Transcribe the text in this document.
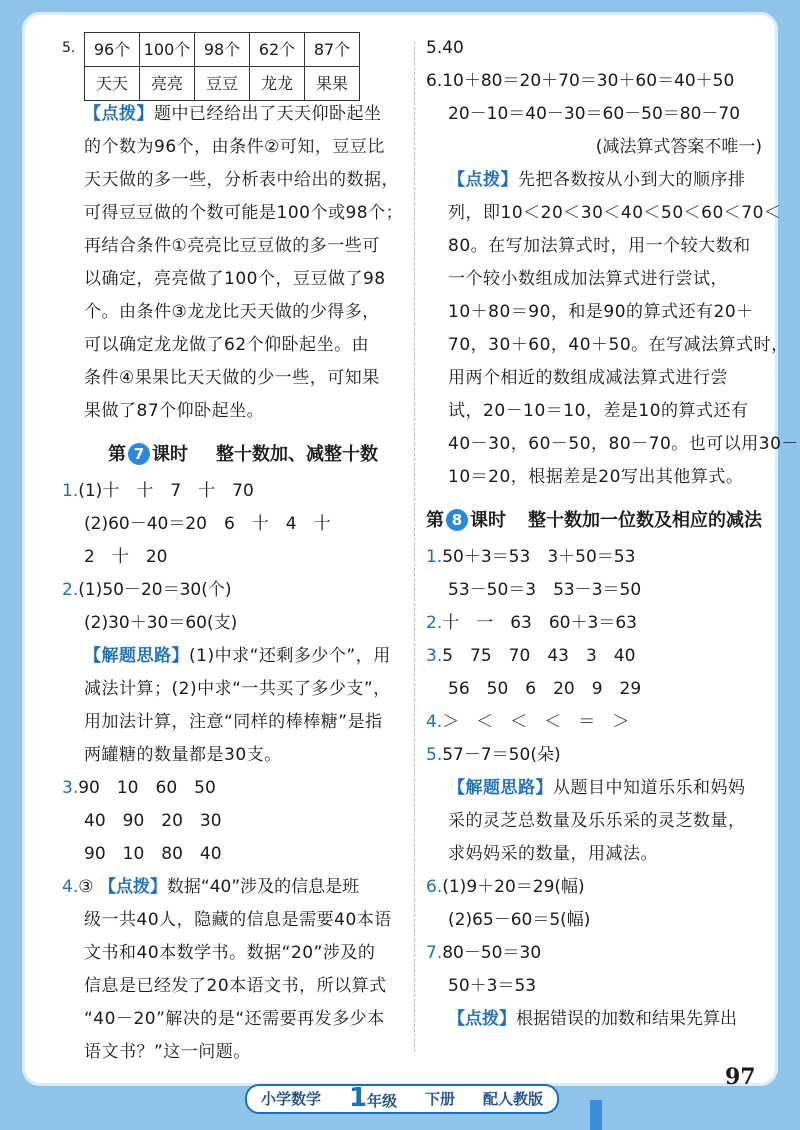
5. 96个	100个	98个	62个	87个
天天	亮亮	豆豆	龙龙	果果
【点拨】题中已经给出了天天仰卧起坐
的个数为96个，由条件②可知，豆豆比
天天做的多一些，分析表中给出的数据，
可得豆豆做的个数可能是100个或98个；
再结合条件①亮亮比豆豆做的多一些可
以确定，亮亮做了100个，豆豆做了98
个。由条件③龙龙比天天做的少得多，
可以确定龙龙做了62个仰卧起坐。由
条件④果果比天天做的少一些，可知果
果做了87个仰卧起坐。
第 7 课时 整十数加、减整十数
1.(1)十　十　7　十　70
(2)60－40＝20　6　十　4　十
2　十　20
2.(1)50－20＝30(个)
(2)30＋30＝60(支)
【解题思路】(1)中求“还剩多少个”，用
减法计算；(2)中求“一共买了多少支”，
用加法计算，注意“同样的棒棒糖”是指
两罐糖的数量都是30支。
3.90　10　60　50
40　90　20　30
90　10　80　40
4.③ 【点拨】数据“40”涉及的信息是班
级一共40人，隐藏的信息是需要40本语
文书和40本数学书。数据“20”涉及的
信息是已经发了20本语文书，所以算式
“40－20”解决的是“还需要再发多少本
语文书？”这一问题。
5.40
6.10＋80＝20＋70＝30＋60＝40＋50
20－10＝40－30＝60－50＝80－70
(减法算式答案不唯一)
【点拨】先把各数按从小到大的顺序排
列，即10＜20＜30＜40＜50＜60＜70＜
80。在写加法算式时，用一个较大数和
一个较小数组成加法算式进行尝试，
10＋80＝90，和是90的算式还有20＋
70，30＋60，40＋50。在写减法算式时，
用两个相近的数组成减法算式进行尝
试，20－10＝10，差是10的算式还有
40－30，60－50，80－70。也可以用30－
10＝20，根据差是20写出其他算式。
第 8 课时 整十数加一位数及相应的减法
1.50＋3＝53　3＋50＝53
53－50＝3　53－3＝50
2.十　一　63　60＋3＝63
3.5　75　70　43　3　40
56　50　6　20　9　29
4.＞　＜　＜　＜　＝　＞
5.57－7＝50(朵)
【解题思路】从题目中知道乐乐和妈妈
采的灵芝总数量及乐乐采的灵芝数量，
求妈妈采的数量，用减法。
6.(1)9＋20＝29(幅)
(2)65－60＝5(幅)
7.80－50＝30
50＋3＝53
【点拨】根据错误的加数和结果先算出
97
小学数学 1年级 下册 配人教版
